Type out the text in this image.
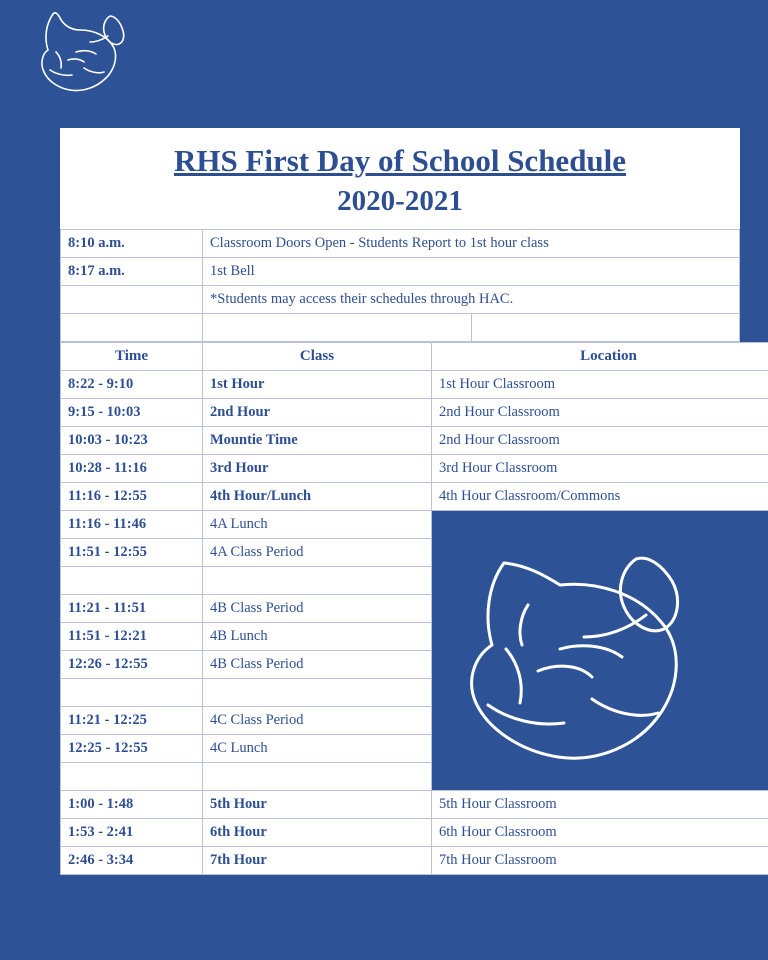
RHS First Day of School Schedule
2020-2021
8:10 a.m.	Classroom Doors Open - Students Report to 1st hour class	
8:17 a.m.	1st Bell	
	*Students may access their schedules through HAC.	

Time	Class	Location
8:22 - 9:10	1st Hour	1st Hour Classroom
9:15 - 10:03	2nd Hour	2nd Hour Classroom
10:03 - 10:23	Mountie Time	2nd Hour Classroom
10:28 - 11:16	3rd Hour	3rd Hour Classroom
11:16 - 12:55	4th Hour/Lunch	4th Hour Classroom/Commons
11:16 - 11:46	4A Lunch	
11:51 - 12:55	4A Class Period	

11:21 - 11:51	4B Class Period	
11:51 - 12:21	4B Lunch	
12:26 - 12:55	4B Class Period	

11:21 - 12:25	4C Class Period	
12:25 - 12:55	4C Lunch	

1:00 - 1:48	5th Hour	5th Hour Classroom
1:53 - 2:41	6th Hour	6th Hour Classroom
2:46 - 3:34	7th Hour	7th Hour Classroom
